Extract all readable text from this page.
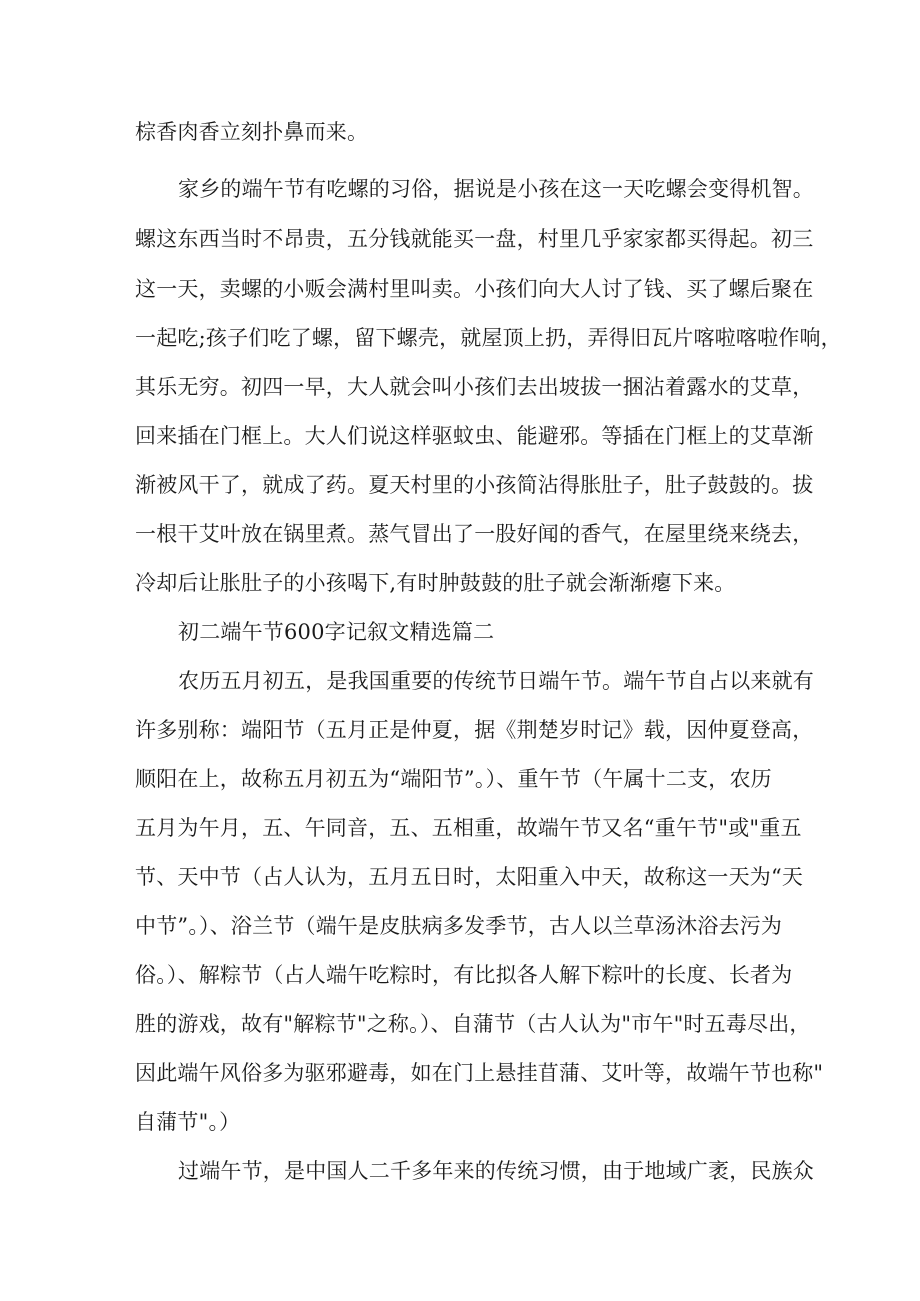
棕香肉香立刻扑鼻而来。
家乡的端午节有吃螺的习俗，据说是小孩在这一天吃螺会变得机智。
螺这东西当时不昂贵，五分钱就能买一盘，村里几乎家家都买得起。初三
这一天，卖螺的小贩会满村里叫卖。小孩们向大人讨了钱、买了螺后聚在
一起吃;孩子们吃了螺，留下螺壳，就屋顶上扔，弄得旧瓦片喀啦喀啦作响，
其乐无穷。初四一早，大人就会叫小孩们去出坡拔一捆沾着露水的艾草，
回来插在门框上。大人们说这样驱蚊虫、能避邪。等插在门框上的艾草渐
渐被风干了，就成了药。夏天村里的小孩简沾得胀肚子，肚子鼓鼓的。拔
一根干艾叶放在锅里煮。蒸气冒出了一股好闻的香气，在屋里绕来绕去，
冷却后让胀肚子的小孩喝下,有时肿鼓鼓的肚子就会渐渐瘪下来。
初二端午节600字记叙文精选篇二
农历五月初五，是我国重要的传统节日端午节。端午节自占以来就有
许多别称：端阳节（五月正是仲夏，据《荆楚岁时记》载，因仲夏登高，
顺阳在上，故称五月初五为“端阳节”。）、重午节（午属十二支，农历
五月为午月，五、午同音，五、五相重，故端午节又名“重午节"或"重五
节、天中节（占人认为，五月五日时，太阳重入中天，故称这一天为“天
中节”。）、浴兰节（端午是皮肤病多发季节，古人以兰草汤沐浴去污为
俗。）、解粽节（占人端午吃粽时，有比拟各人解下粽叶的长度、长者为
胜的游戏，故有"解粽节"之称。）、自蒲节（古人认为"市午"时五毒尽出，
因此端午风俗多为驱邪避毒，如在门上悬挂苜蒲、艾叶等，故端午节也称"
自蒲节"。）
过端午节，是中国人二千多年来的传统习惯，由于地域广袤，民族众
